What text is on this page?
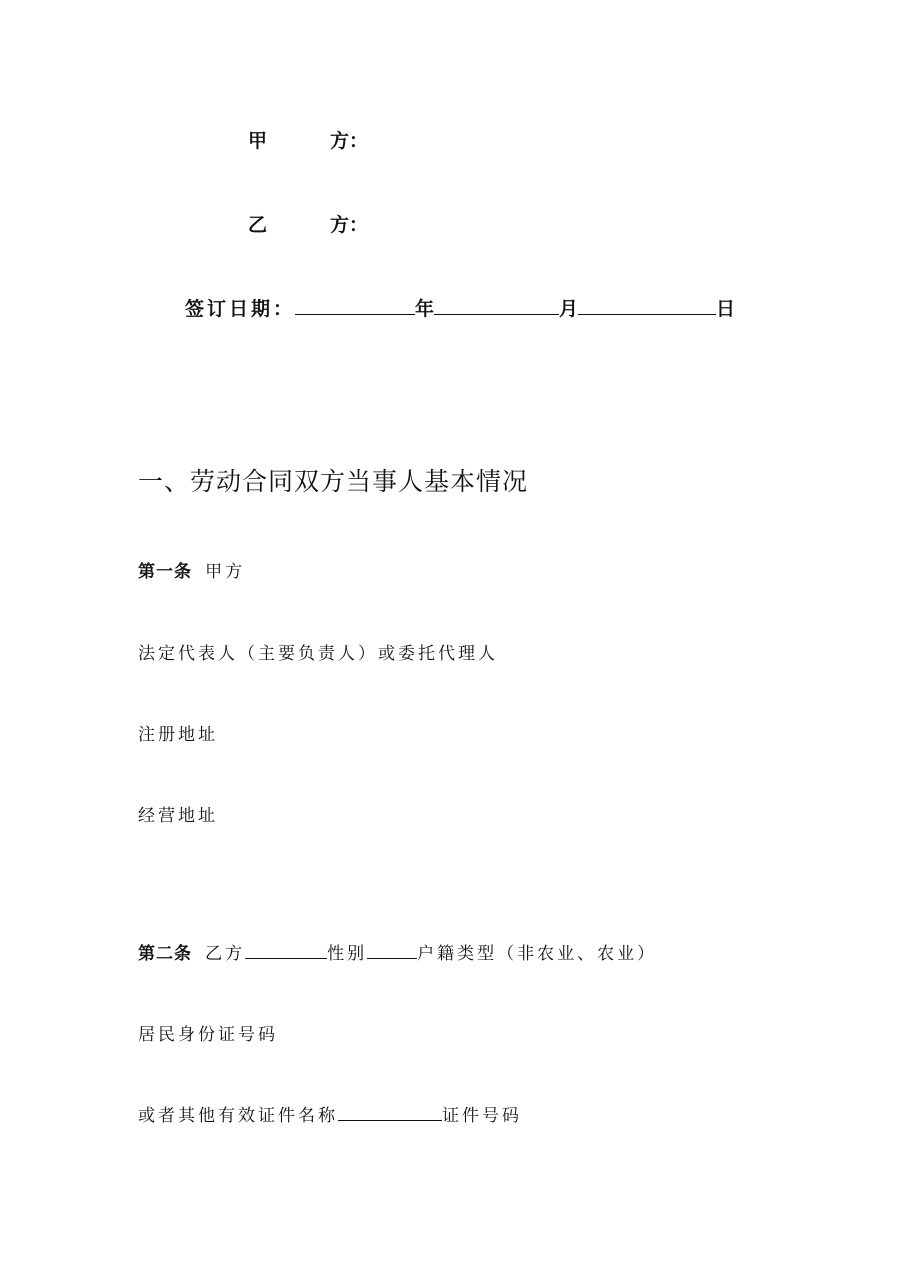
甲	方：
乙	方：
签订日期：	年	月	日
一、劳动合同双方当事人基本情况
第一条 甲方
法定代表人（主要负责人）或委托代理人
注册地址
经营地址
第二条 乙方	性别	户籍类型（非农业、农业）
居民身份证号码
或者其他有效证件名称	证件号码
